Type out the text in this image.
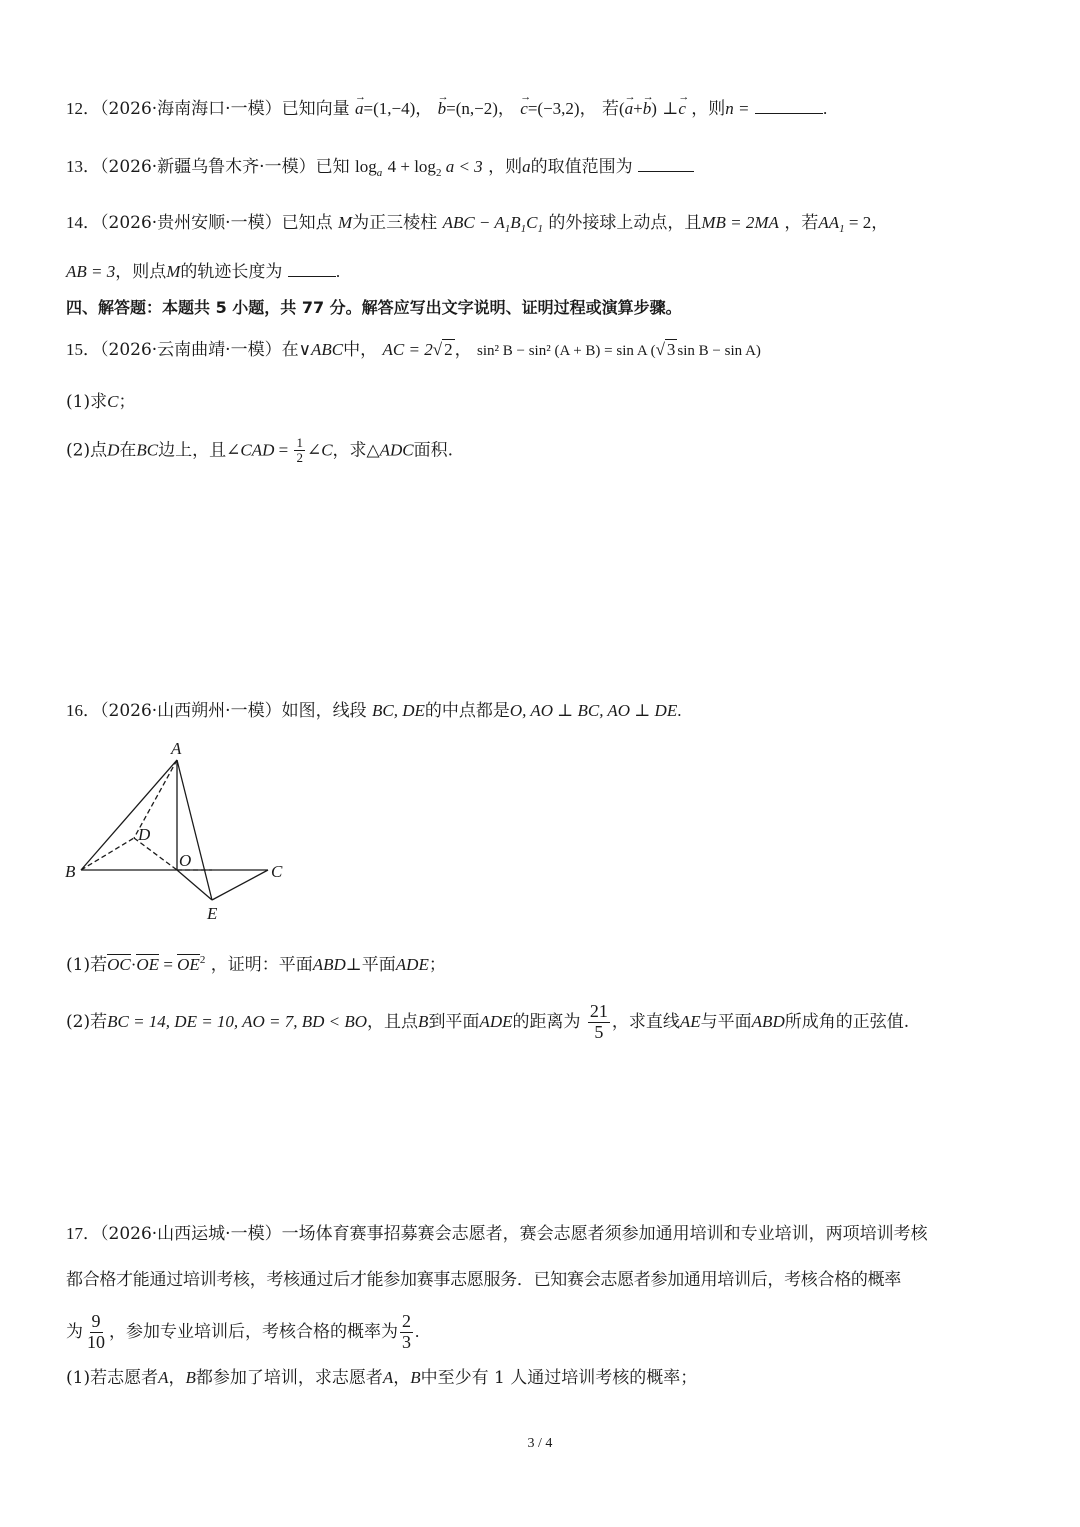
12．（2026·海南海口·一模）已知向量 → a=(1,−4)， → b=(n,−2)， → c=(−3,2)， 若(→ a+→ b) ⊥→ c ，则n =	.
13．（2026·新疆乌鲁木齐·一模）已知 $\log_a 4 + \log_2 a < 3$ ，则a的取值范围为
14．（2026·贵州安顺·一模）已知点 M为正三棱柱 ABC − $A_1B_1C_1$ 的外接球上动点，且MB = 2MA ，若$AA_1 = 2$，
AB = 3，则点M的轨迹长度为	.
四、解答题：本题共 5 小题，共 77 分。解答应写出文字说明、证明过程或演算步骤。
15．（2026·云南曲靖·一模）在∨ABC中， AC = 2√ 2 ， sin² B − sin² (A + B) = sin A (√ 3 sin B − sin A)
(1)求C；
(2)点D在BC边上，且∠CAD = $\frac{1}{2}$ ∠C，求△ADC面积.
16．（2026·山西朔州·一模）如图，线段 BC, DE的中点都是O, AO ⊥ BC, AO ⊥ DE.
A
B	C
D
O
E
(1)若$OC\cdot OE = OE^2$ ，证明：平面ABD⊥平面ADE；
(2)若BC = 14, DE = 10, AO = 7, BD < BO，且点B到平面ADE的距离为 $\frac{21}{5}$ ，求直线AE与平面ABD所成角的正弦值.
17．（2026·山西运城·一模）一场体育赛事招募赛会志愿者，赛会志愿者须参加通用培训和专业培训，两项培训考核
都合格才能通过培训考核，考核通过后才能参加赛事志愿服务．已知赛会志愿者参加通用培训后，考核合格的概率
为 $\frac{9}{10}$ ，参加专业培训后，考核合格的概率为 $\frac{2}{3}$ .
(1)若志愿者A，B都参加了培训，求志愿者A，B中至少有 1 人通过培训考核的概率；
3 / 4
